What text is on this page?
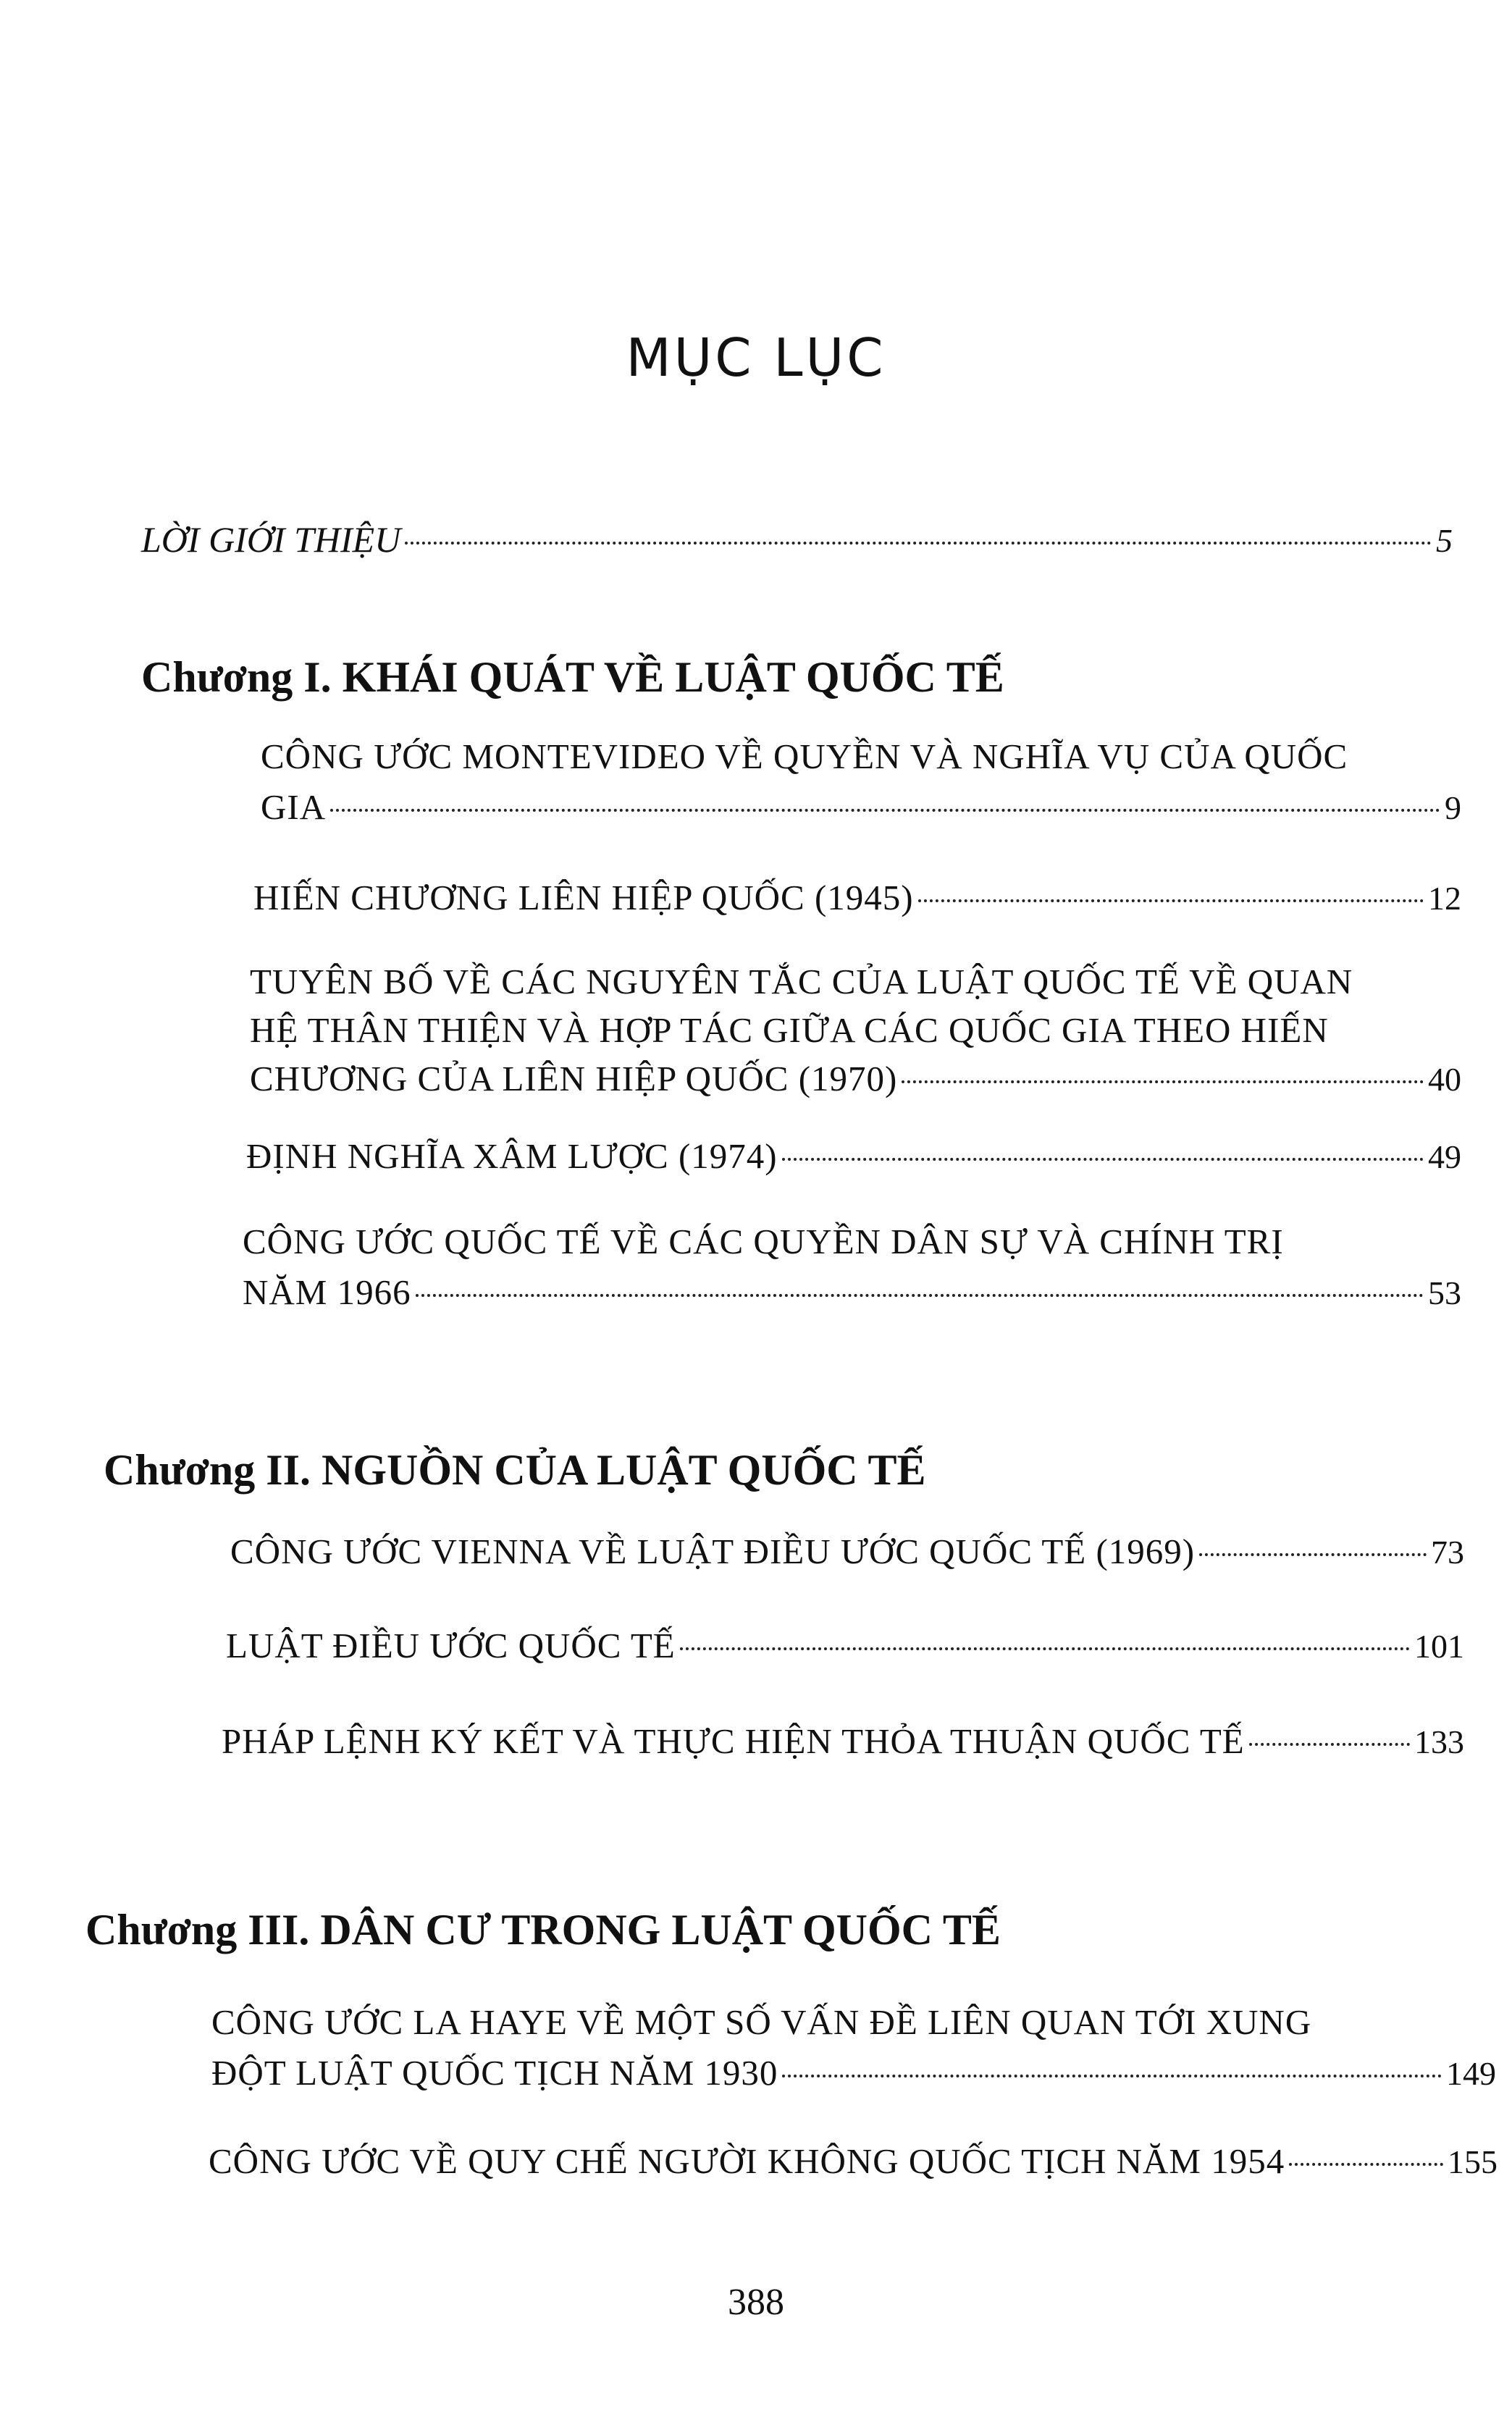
MỤC LỤC
LỜI GIỚI THIỆU	5
Chương I. KHÁI QUÁT VỀ LUẬT QUỐC TẾ
CÔNG ƯỚC MONTEVIDEO VỀ QUYỀN VÀ NGHĨA VỤ CỦA QUỐC
GIA	9
HIẾN CHƯƠNG LIÊN HIỆP QUỐC (1945)	12
TUYÊN BỐ VỀ CÁC NGUYÊN TẮC CỦA LUẬT QUỐC TẾ VỀ QUAN
HỆ THÂN THIỆN VÀ HỢP TÁC GIỮA CÁC QUỐC GIA THEO HIẾN
CHƯƠNG CỦA LIÊN HIỆP QUỐC (1970)	40
ĐỊNH NGHĨA XÂM LƯỢC (1974)	49
CÔNG ƯỚC QUỐC TẾ VỀ CÁC QUYỀN DÂN SỰ VÀ CHÍNH TRỊ
NĂM 1966	53
Chương II. NGUỒN CỦA LUẬT QUỐC TẾ
CÔNG ƯỚC VIENNA VỀ LUẬT ĐIỀU ƯỚC QUỐC TẾ (1969)	73
LUẬT ĐIỀU ƯỚC QUỐC TẾ	101
PHÁP LỆNH KÝ KẾT VÀ THỰC HIỆN THỎA THUẬN QUỐC TẾ	133
Chương III. DÂN CƯ TRONG LUẬT QUỐC TẾ
CÔNG ƯỚC LA HAYE VỀ MỘT SỐ VẤN ĐỀ LIÊN QUAN TỚI XUNG
ĐỘT LUẬT QUỐC TỊCH NĂM 1930	149
CÔNG ƯỚC VỀ QUY CHẾ NGƯỜI KHÔNG QUỐC TỊCH NĂM 1954	155
388
